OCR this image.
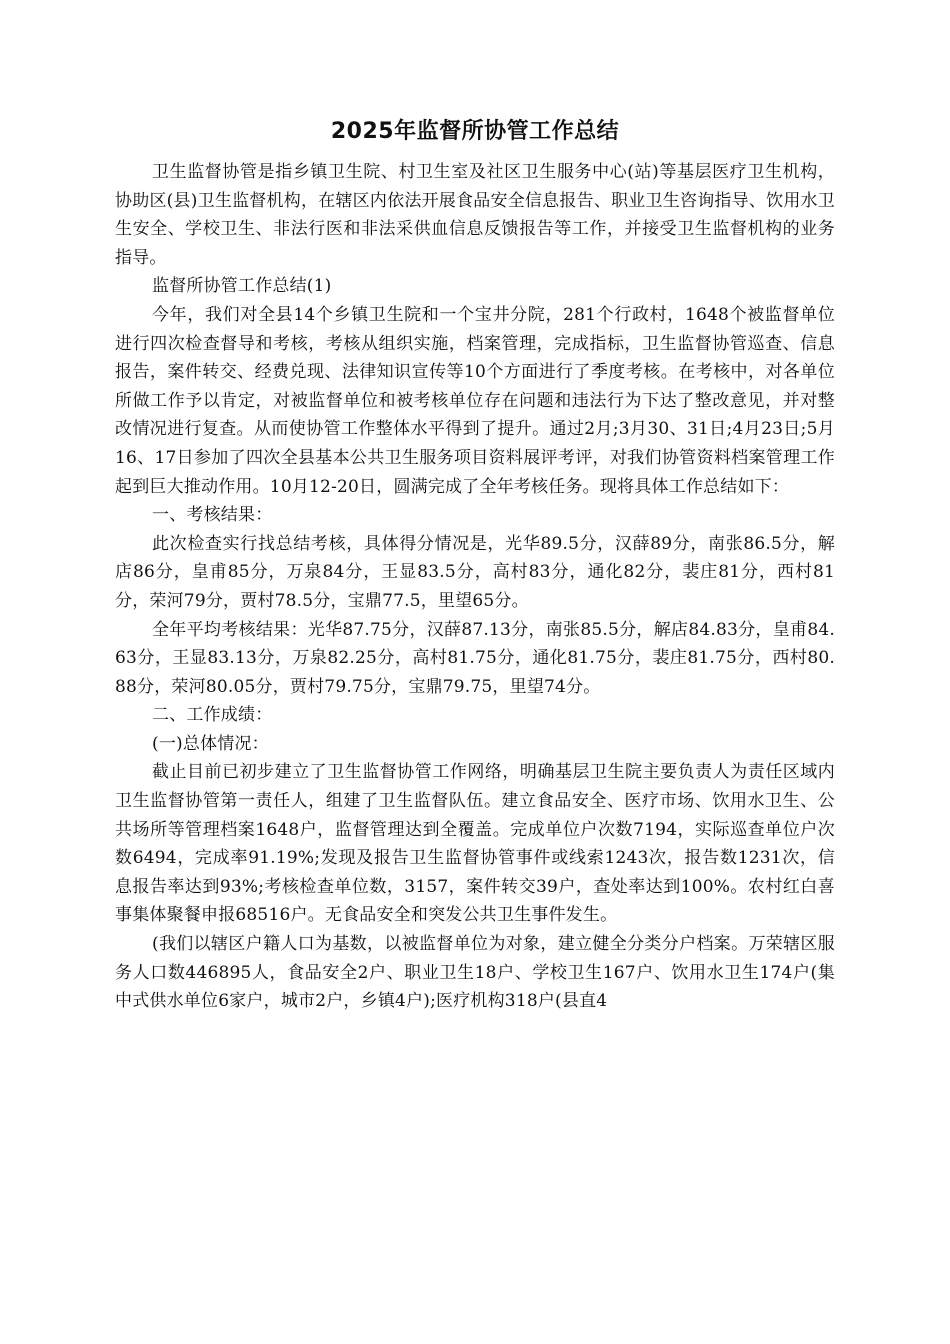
2025年监督所协管工作总结

卫生监督协管是指乡镇卫生院、村卫生室及社区卫生服务中心(站)等基层医疗卫生机构，协助区(县)卫生监督机构，在辖区内依法开展食品安全信息报告、职业卫生咨询指导、饮用水卫生安全、学校卫生、非法行医和非法采供血信息反馈报告等工作，并接受卫生监督机构的业务指导。

监督所协管工作总结(1)

今年，我们对全县14个乡镇卫生院和一个宝井分院，281个行政村，1648个被监督单位进行四次检查督导和考核，考核从组织实施，档案管理，完成指标，卫生监督协管巡查、信息报告，案件转交、经费兑现、法律知识宣传等10个方面进行了季度考核。在考核中，对各单位所做工作予以肯定，对被监督单位和被考核单位存在问题和违法行为下达了整改意见，并对整改情况进行复查。从而使协管工作整体水平得到了提升。通过2月;3月30、31日;4月23日;5月16、17日参加了四次全县基本公共卫生服务项目资料展评考评，对我们协管资料档案管理工作起到巨大推动作用。10月12-20日，圆满完成了全年考核任务。现将具体工作总结如下：

一、考核结果：

此次检查实行找总结考核，具体得分情况是，光华89.5分，汉薛89分，南张86.5分，解店86分，皇甫85分，万泉84分，王显83.5分，高村83分，通化82分，裴庄81分，西村81分，荣河79分，贾村78.5分，宝鼎77.5，里望65分。

全年平均考核结果：光华87.75分，汉薛87.13分，南张85.5分，解店84.83分，皇甫84.63分，王显83.13分，万泉82.25分，高村81.75分，通化81.75分，裴庄81.75分，西村80.88分，荣河80.05分，贾村79.75分，宝鼎79.75，里望74分。

二、工作成绩：

(一)总体情况：

截止目前已初步建立了卫生监督协管工作网络，明确基层卫生院主要负责人为责任区域内卫生监督协管第一责任人，组建了卫生监督队伍。建立食品安全、医疗市场、饮用水卫生、公共场所等管理档案1648户，监督管理达到全覆盖。完成单位户次数7194，实际巡查单位户次数6494，完成率91.19%;发现及报告卫生监督协管事件或线索1243次，报告数1231次，信息报告率达到93%;考核检查单位数，3157，案件转交39户，查处率达到100%。农村红白喜事集体聚餐申报68516户。无食品安全和突发公共卫生事件发生。

(我们以辖区户籍人口为基数，以被监督单位为对象，建立健全分类分户档案。万荣辖区服务人口数446895人，食品安全2户、职业卫生18户、学校卫生167户、饮用水卫生174户(集中式供水单位6家户，城市2户，乡镇4户);医疗机构318户(县直4
